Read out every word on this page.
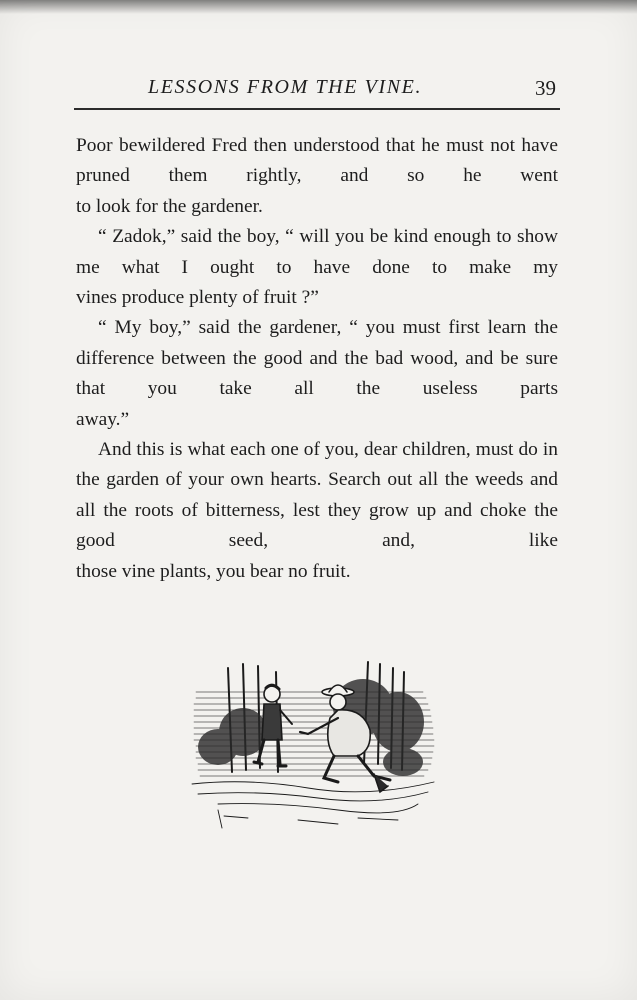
LESSONS FROM THE VINE.	39

Poor bewildered Fred then understood that he must not have pruned them rightly, and so he went

to look for the gardener.

“ Zadok,” said the boy, “ will you be kind enough to show me what I ought to have done to make my

vines produce plenty of fruit ?”

“ My boy,” said the gardener, “ you must first learn the difference between the good and the bad wood, and be sure that you take all the useless parts

away.”

And this is what each one of you, dear children, must do in the garden of your own hearts. Search out all the weeds and all the roots of bitterness, lest they grow up and choke the good seed, and, like

those vine plants, you bear no fruit.
